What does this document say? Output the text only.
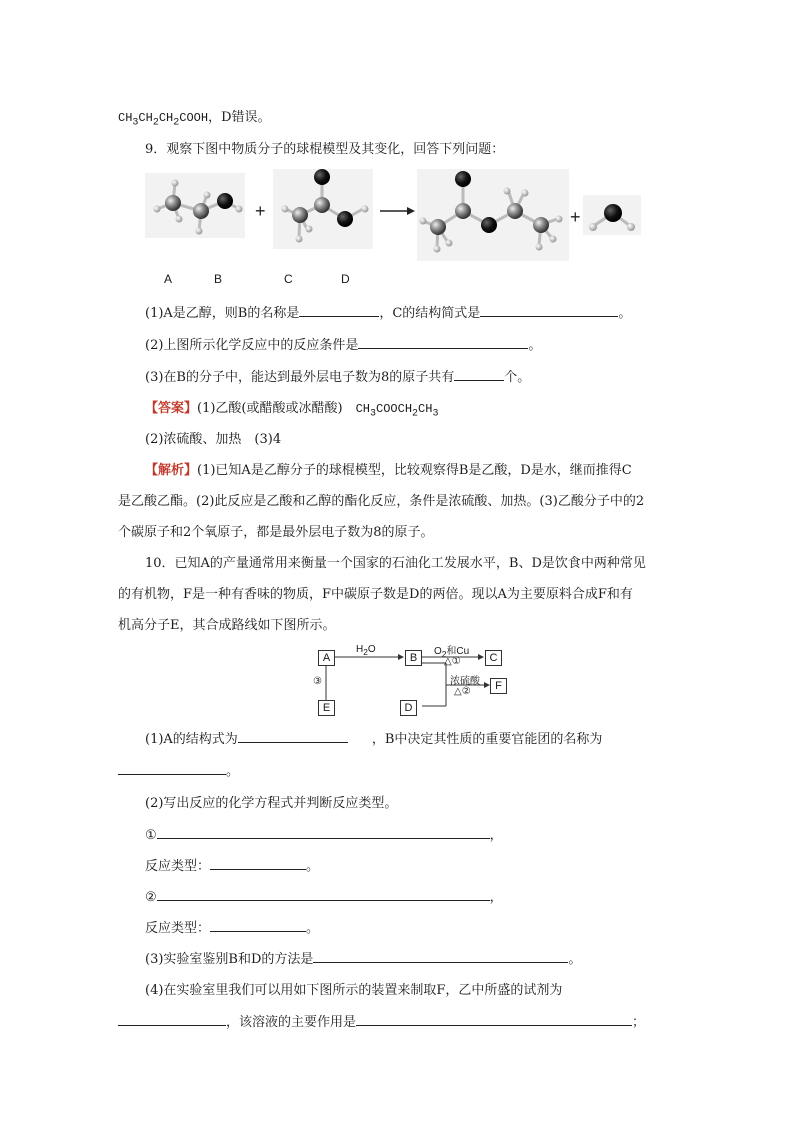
$CH_3CH_2CH_2COOH$，D错误。
9．观察下图中物质分子的球棍模型及其变化，回答下列问题：
+	+
A	B	C	D
(1)A是乙醇，则B的名称是	，C的结构简式是	。
(2)上图所示化学反应中的反应条件是	。
(3)在B的分子中，能达到最外层电子数为8的原子共有	个。
【答案】(1)乙酸(或醋酸或冰醋酸)　 $CH_3COOCH_2CH_3$
(2)浓硫酸、加热　(3)4
【解析】(1)已知A是乙醇分子的球棍模型，比较观察得B是乙酸，D是水，继而推得C
是乙酸乙酯。(2)此反应是乙酸和乙醇的酯化反应，条件是浓硫酸、加热。(3)乙酸分子中的2
个碳原子和2个氧原子，都是最外层电子数为8的原子。
10．已知A的产量通常用来衡量一个国家的石油化工发展水平，B、D是饮食中两种常见
的有机物，F是一种有香味的物质，F中碳原子数是D的两倍。现以A为主要原料合成F和有
机高分子E，其合成路线如下图所示。
A	B	C
F
E	D
$H_2O$	$O_2$和Cu
△①
浓硫酸
△②
③
(1)A的结构式为	，B中决定其性质的重要官能团的名称为
。
(2)写出反应的化学方程式并判断反应类型。
①	，
反应类型：	。
②	，
反应类型：	。
(3)实验室鉴别B和D的方法是	。
(4)在实验室里我们可以用如下图所示的装置来制取F，乙中所盛的试剂为
，该溶液的主要作用是	；
